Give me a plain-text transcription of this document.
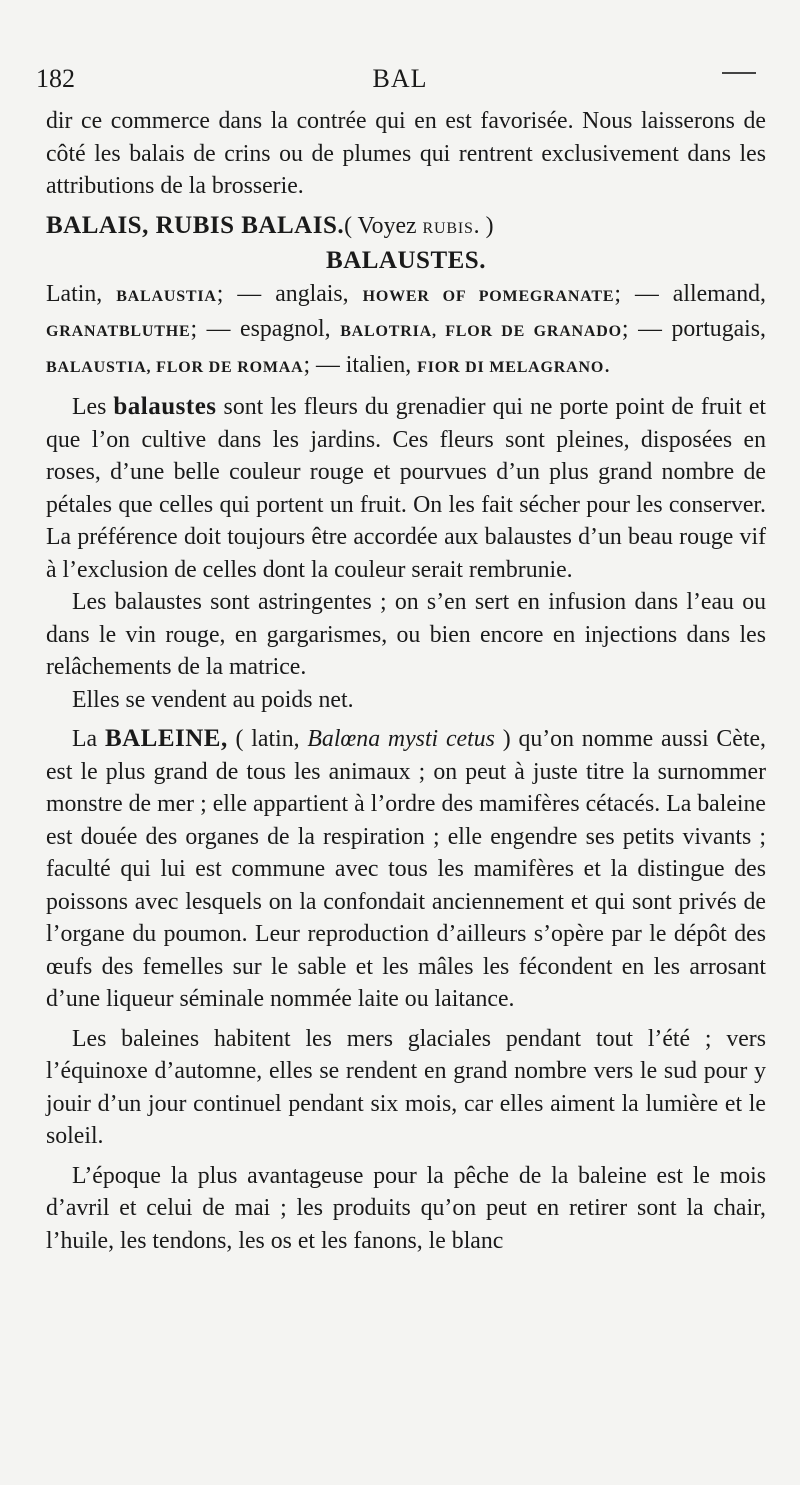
182	BAL

dir ce commerce dans la contrée qui en est favorisée. Nous laisserons de côté les balais de crins ou de plumes qui rentrent exclusivement dans les attributions de la brosserie.

BALAIS, RUBIS BALAIS.( Voyez RUBIS. )

BALAUSTES.

Latin, BALAUSTIA; — anglais, HOWER OF POMEGRANATE; — allemand, GRANATBLUTHE; — espagnol, BALOTRIA, FLOR DE GRANADO; — portugais, BALAUSTIA, FLOR DE ROMAA; — italien, FIOR DI MELAGRANO.

Les balaustes sont les fleurs du grenadier qui ne porte point de fruit et que l’on cultive dans les jardins. Ces fleurs sont pleines, disposées en roses, d’une belle couleur rouge et pourvues d’un plus grand nombre de pétales que celles qui portent un fruit. On les fait sécher pour les conserver. La préférence doit toujours être accordée aux balaustes d’un beau rouge vif à l’exclusion de celles dont la couleur serait rembrunie.

Les balaustes sont astringentes ; on s’en sert en infusion dans l’eau ou dans le vin rouge, en gargarismes, ou bien encore en injections dans les relâchements de la matrice.

Elles se vendent au poids net.

La BALEINE, ( latin, Balœna mysti cetus ) qu’on nomme aussi Cète, est le plus grand de tous les animaux ; on peut à juste titre la surnommer monstre de mer ; elle appartient à l’ordre des mamifères cétacés. La baleine est douée des organes de la respiration ; elle engendre ses petits vivants ; faculté qui lui est commune avec tous les mamifères et la distingue des poissons avec lesquels on la confondait anciennement et qui sont privés de l’organe du poumon. Leur reproduction d’ailleurs s’opère par le dépôt des œufs des femelles sur le sable et les mâles les fécondent en les arrosant d’une liqueur séminale nommée laite ou laitance.

Les baleines habitent les mers glaciales pendant tout l’été ; vers l’équinoxe d’automne, elles se rendent en grand nombre vers le sud pour y jouir d’un jour continuel pendant six mois, car elles aiment la lumière et le soleil.

L’époque la plus avantageuse pour la pêche de la baleine est le mois d’avril et celui de mai ; les produits qu’on peut en retirer sont la chair, l’huile, les tendons, les os et les fanons, le blanc
